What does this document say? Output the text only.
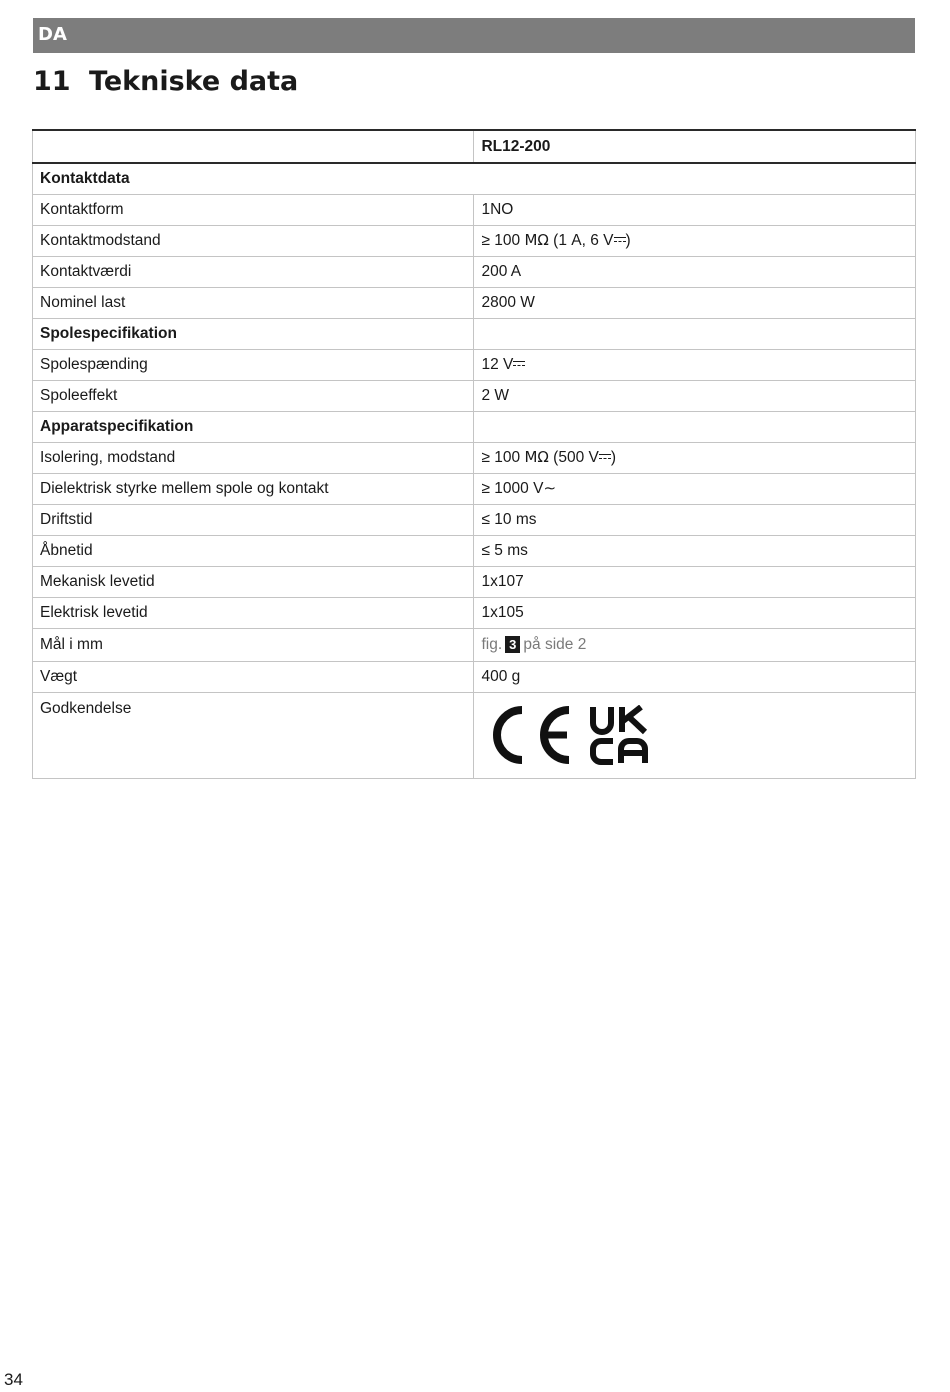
DA
11 Tekniske data
	RL12-200
Kontaktdata	
Kontaktform	1NO
Kontaktmodstand	≥ 100 MΩ (1 A, 6 V )
Kontaktværdi	200 A
Nominel last	2800 W
Spolespecifikation	
Spolespænding	12 V
Spoleeffekt	2 W
Apparatspecifikation	
Isolering, modstand	≥ 100 MΩ (500 V )
Dielektrisk styrke mellem spole og kontakt	≥ 1000 V∼
Driftstid	≤ 10 ms
Åbnetid	≤ 5 ms
Mekanisk levetid	1x107
Elektrisk levetid	1x105
Mål i mm	fig. 3 på side 2
Vægt	400 g
Godkendelse	
34
